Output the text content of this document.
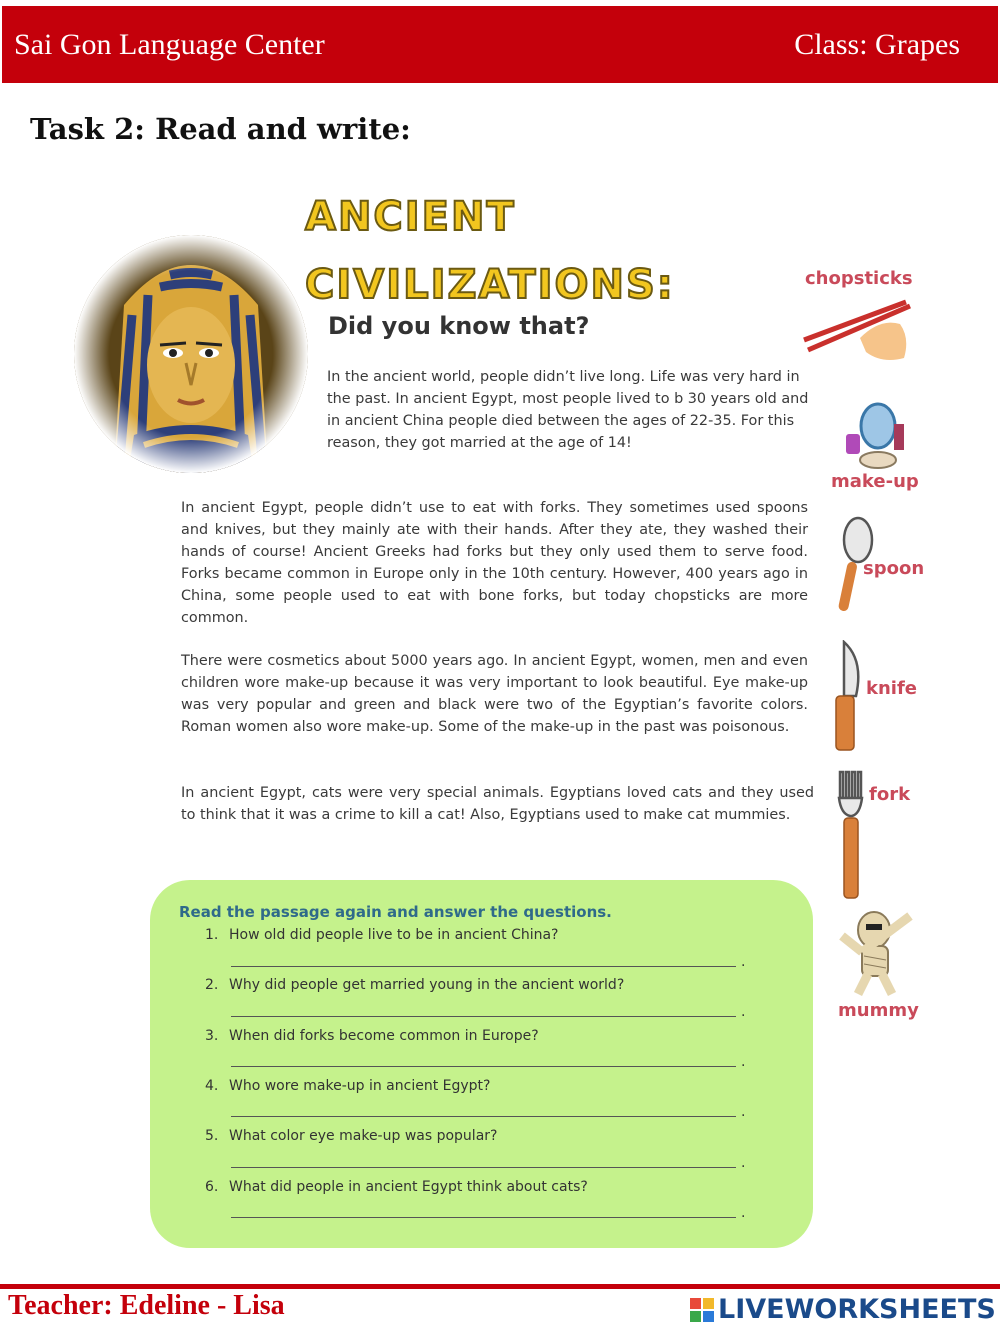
Sai Gon Language Center	Class: Grapes
Task 2: Read and write:
ANCIENT
CIVILIZATIONS:
Did you know that?

In the ancient world, people didn’t live long. Life was very hard in the past. In ancient Egypt, most people lived to b 30 years old and in ancient China people died between the ages of 22-35. For this reason, they got married at the age of 14!

In ancient Egypt, people didn’t use to eat with forks. They sometimes used spoons and knives, but they mainly ate with their hands. After they ate, they washed their hands of course! Ancient Greeks had forks but they only used them to serve food. Forks became common in Europe only in the 10th century. However, 400 years ago in China, some people used to eat with bone forks, but today chopsticks are more common.

There were cosmetics about 5000 years ago. In ancient Egypt, women, men and even children wore make-up because it was very important to look beautiful. Eye make-up was very popular and green and black were two of the Egyptian’s favorite colors. Roman women also wore make-up. Some of the make-up in the past was poisonous.

In ancient Egypt, cats were very special animals. Egyptians loved cats and they used to think that it was a crime to kill a cat! Also, Egyptians used to make cat mummies.

chopsticks
make-up
spoon
knife
fork
mummy
Read the passage again and answer the questions.
1. How old did people live to be in ancient China?
.
2. Why did people get married young in the ancient world?
.
3. When did forks become common in Europe?
.
4. Who wore make-up in ancient Egypt?
.
5. What color eye make-up was popular?
.
6. What did people in ancient Egypt think about cats?
.
Teacher: Edeline - Lisa	LIVEWORKSHEETS
